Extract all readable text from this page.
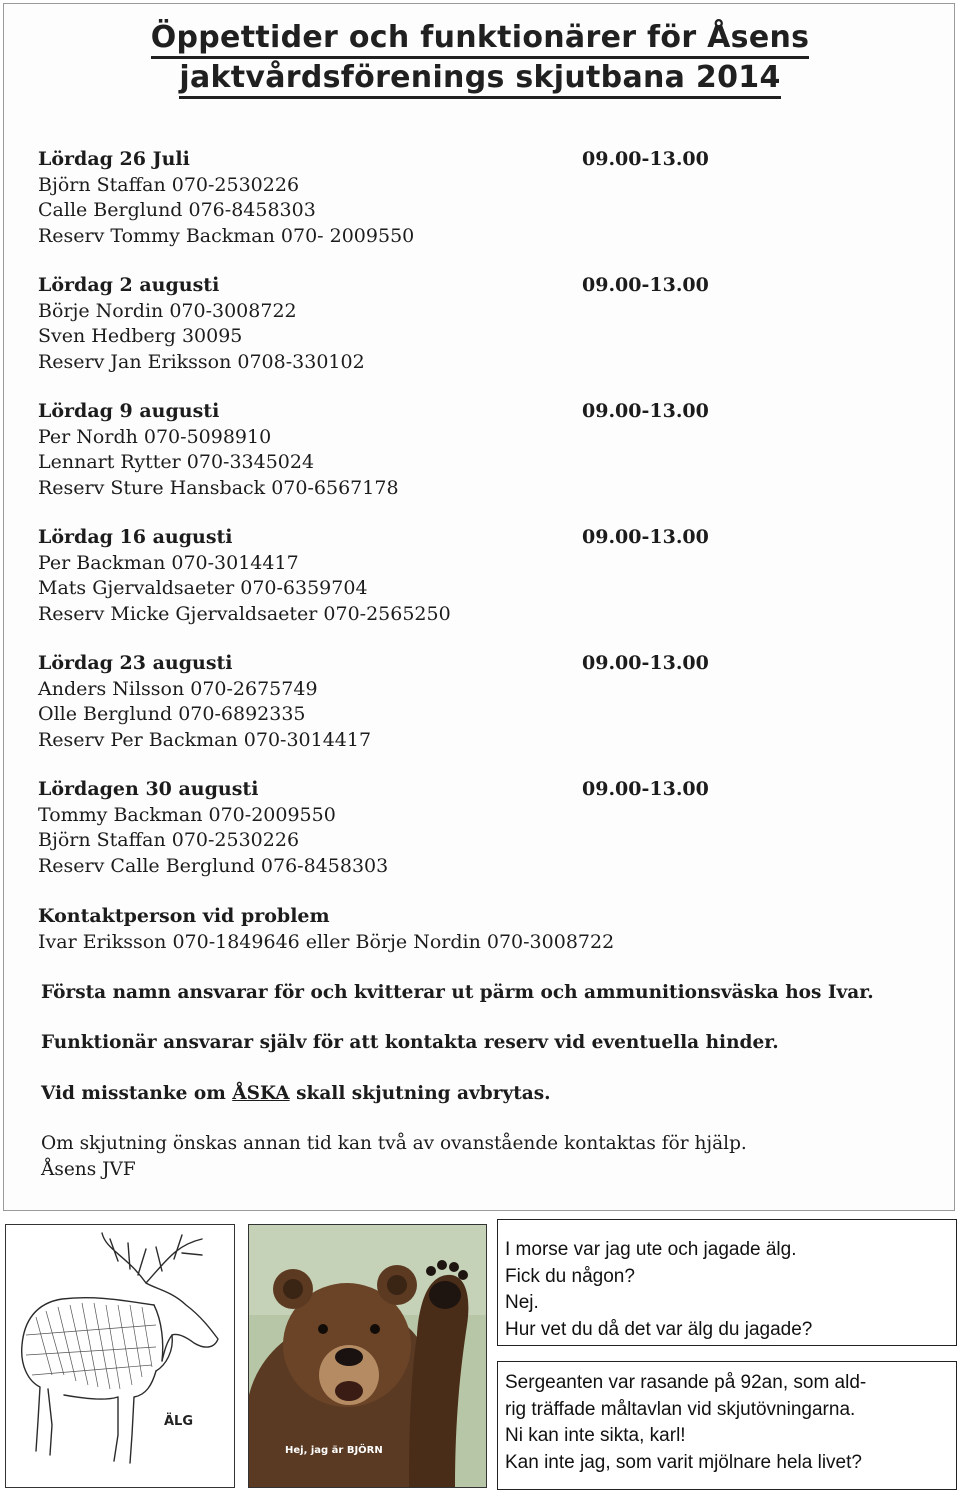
Öppettider och funktionärer för Åsens
jaktvårdsförenings skjutbana 2014
Lördag 26 Juli	09.00-13.00
Björn Staffan 070-2530226
Calle Berglund 076-8458303
Reserv Tommy Backman 070- 2009550
Lördag 2 augusti	09.00-13.00
Börje Nordin 070-3008722
Sven Hedberg 30095
Reserv Jan Eriksson 0708-330102
Lördag 9 augusti	09.00-13.00
Per Nordh 070-5098910
Lennart Rytter 070-3345024
Reserv Sture Hansback 070-6567178
Lördag 16 augusti	09.00-13.00
Per Backman 070-3014417
Mats Gjervaldsaeter 070-6359704
Reserv Micke Gjervaldsaeter 070-2565250
Lördag 23 augusti	09.00-13.00
Anders Nilsson 070-2675749
Olle Berglund 070-6892335
Reserv Per Backman 070-3014417
Lördagen 30 augusti	09.00-13.00
Tommy Backman 070-2009550
Björn Staffan 070-2530226
Reserv Calle Berglund 076-8458303
Kontaktperson vid problem
Ivar Eriksson 070-1849646 eller Börje Nordin 070-3008722
Första namn ansvarar för och kvitterar ut pärm och ammunitionsväska hos Ivar.
Funktionär ansvarar själv för att kontakta reserv vid eventuella hinder.
Vid misstanke om ÅSKA skall skjutning avbrytas.
Om skjutning önskas annan tid kan två av ovanstående kontaktas för hjälp.
Åsens JVF
ÄLG
Hej, jag är BJÖRN
I morse var jag ute och jagade älg.
Fick du någon?
Nej.
Hur vet du då det var älg du jagade?
Sergeanten var rasande på 92an, som ald-
rig träffade måltavlan vid skjutövningarna.
Ni kan inte sikta, karl!
Kan inte jag, som varit mjölnare hela livet?
